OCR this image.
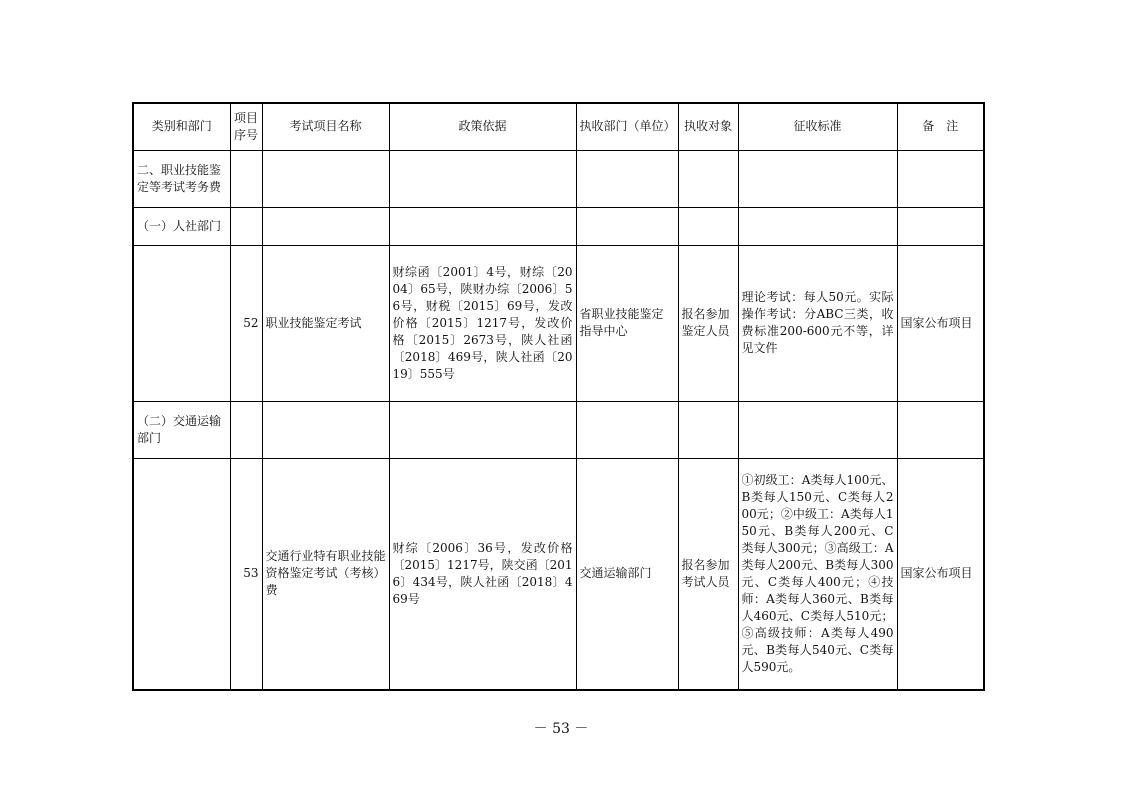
类别和部门	项目序号	考试项目名称	政策依据	执收部门（单位）	执收对象	征收标准	备　注
二、职业技能鉴定等考试考务费							
（一）人社部门							
	52	职业技能鉴定考试	财综函〔2001〕4号，财综〔2004〕65号，陕财办综〔2006〕56号，财税〔2015〕69号，发改价格〔2015〕1217号，发改价格〔2015〕2673号，陕人社函〔2018〕469号，陕人社函〔2019〕555号	省职业技能鉴定指导中心	报名参加鉴定人员	理论考试：每人50元。实际操作考试：分ABC三类，收费标准200-600元不等，详见文件	国家公布项目
（二）交通运输部门							
	53	交通行业特有职业技能资格鉴定考试（考核）费	财综〔2006〕36号，发改价格〔2015〕1217号，陕交函〔2016〕434号，陕人社函〔2018〕469号	交通运输部门	报名参加考试人员	①初级工：A类每人100元、B类每人150元、C类每人200元；②中级工：A类每人150元、B类每人200元、C类每人300元；③高级工：A类每人200元、B类每人300元、C类每人400元；④技师：A类每人360元、B类每人460元、C类每人510元；⑤高级技师：A类每人490元、B类每人540元、C类每人590元。	国家公布项目
－ 53 －
